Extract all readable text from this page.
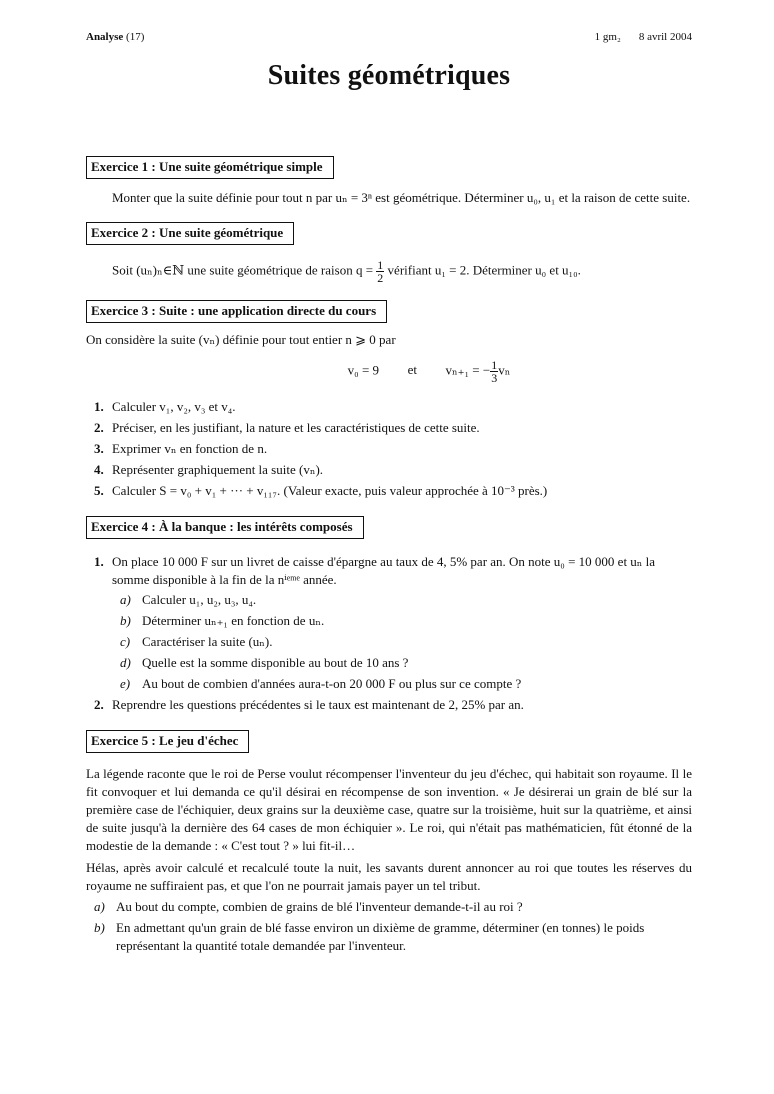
Analyse (17)	1 gm₂ 8 avril 2004
Suites géométriques
Exercice 1 : Une suite géométrique simple
Monter que la suite définie pour tout n par uₙ = 3ⁿ est géométrique. Déterminer u₀, u₁ et la raison de cette suite.
Exercice 2 : Une suite géométrique
Soit (uₙ)ₙ∈ℕ une suite géométrique de raison $q = \frac{1}{2}$ vérifiant u₁ = 2. Déterminer u₀ et u₁₀.
Exercice 3 : Suite : une application directe du cours
On considère la suite (vₙ) définie pour tout entier n ⩾ 0 par
v₀ = 9 et vₙ₊₁ = − $\frac{1}{3}$ vₙ
1. Calculer v₁, v₂, v₃ et v₄.
2. Préciser, en les justifiant, la nature et les caractéristiques de cette suite.
3. Exprimer vₙ en fonction de n.
4. Représenter graphiquement la suite (vₙ).
5. Calculer S = v₀ + v₁ + ··· + v₁₁₇. (Valeur exacte, puis valeur approchée à 10⁻³ près.)
Exercice 4 : À la banque : les intérêts composés
1. On place 10 000 F sur un livret de caisse d'épargne au taux de 4, 5% par an. On note u₀ = 10 000 et uₙ la somme disponible à la fin de la nⁱᵉᵐᵉ année.
a) Calculer u₁, u₂, u₃, u₄.
b) Déterminer uₙ₊₁ en fonction de uₙ.
c) Caractériser la suite (uₙ).
d) Quelle est la somme disponible au bout de 10 ans ?
e) Au bout de combien d'années aura-t-on 20 000 F ou plus sur ce compte ?
2. Reprendre les questions précédentes si le taux est maintenant de 2, 25% par an.
Exercice 5 : Le jeu d'échec
La légende raconte que le roi de Perse voulut récompenser l'inventeur du jeu d'échec, qui habitait son royaume. Il le fit convoquer et lui demanda ce qu'il désirai en récompense de son invention. « Je désirerai un grain de blé sur la première case de l'échiquier, deux grains sur la deuxième case, quatre sur la troisième, huit sur la quatrième, et ainsi de suite jusqu'à la dernière des 64 cases de mon échiquier ». Le roi, qui n'était pas mathématicien, fût étonné de la modestie de la demande : « C'est tout ? » lui fit-il…
Hélas, après avoir calculé et recalculé toute la nuit, les savants durent annoncer au roi que toutes les réserves du royaume ne suffiraient pas, et que l'on ne pourrait jamais payer un tel tribut.
a) Au bout du compte, combien de grains de blé l'inventeur demande-t-il au roi ?
b) En admettant qu'un grain de blé fasse environ un dixième de gramme, déterminer (en tonnes) le poids représentant la quantité totale demandée par l'inventeur.
